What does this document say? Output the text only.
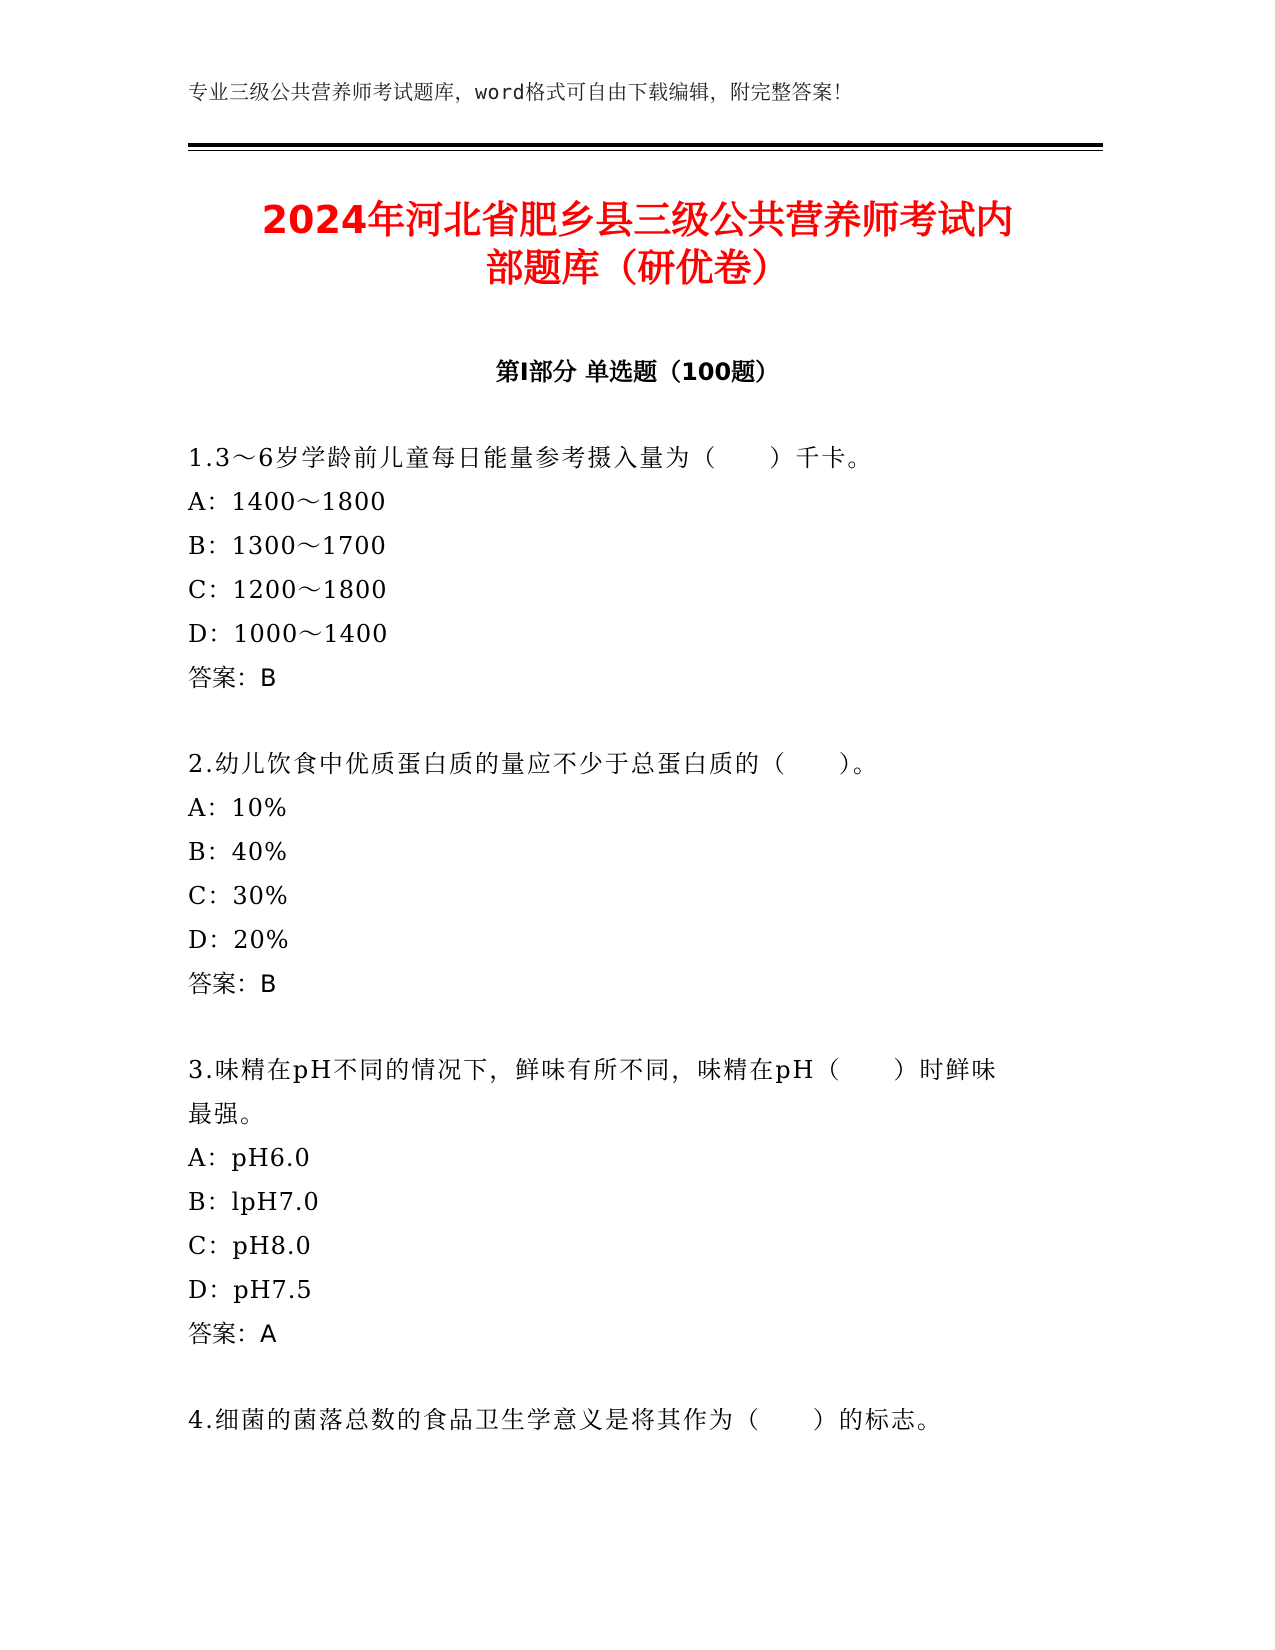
专业三级公共营养师考试题库，word格式可自由下载编辑，附完整答案！
2024年河北省肥乡县三级公共营养师考试内
部题库（研优卷）
第Ⅰ部分 单选题（100题）
1.3～6岁学龄前儿童每日能量参考摄入量为（　　）千卡。
A：1400～1800
B：1300～1700
C：1200～1800
D：1000～1400
答案：B
2.幼儿饮食中优质蛋白质的量应不少于总蛋白质的（　　）。
A：10%
B：40%
C：30%
D：20%
答案：B
3.味精在pH不同的情况下，鲜味有所不同，味精在pH（　　）时鲜味
最强。
A：pH6.0
B：lpH7.0
C：pH8.0
D：pH7.5
答案：A
4.细菌的菌落总数的食品卫生学意义是将其作为（　　）的标志。
